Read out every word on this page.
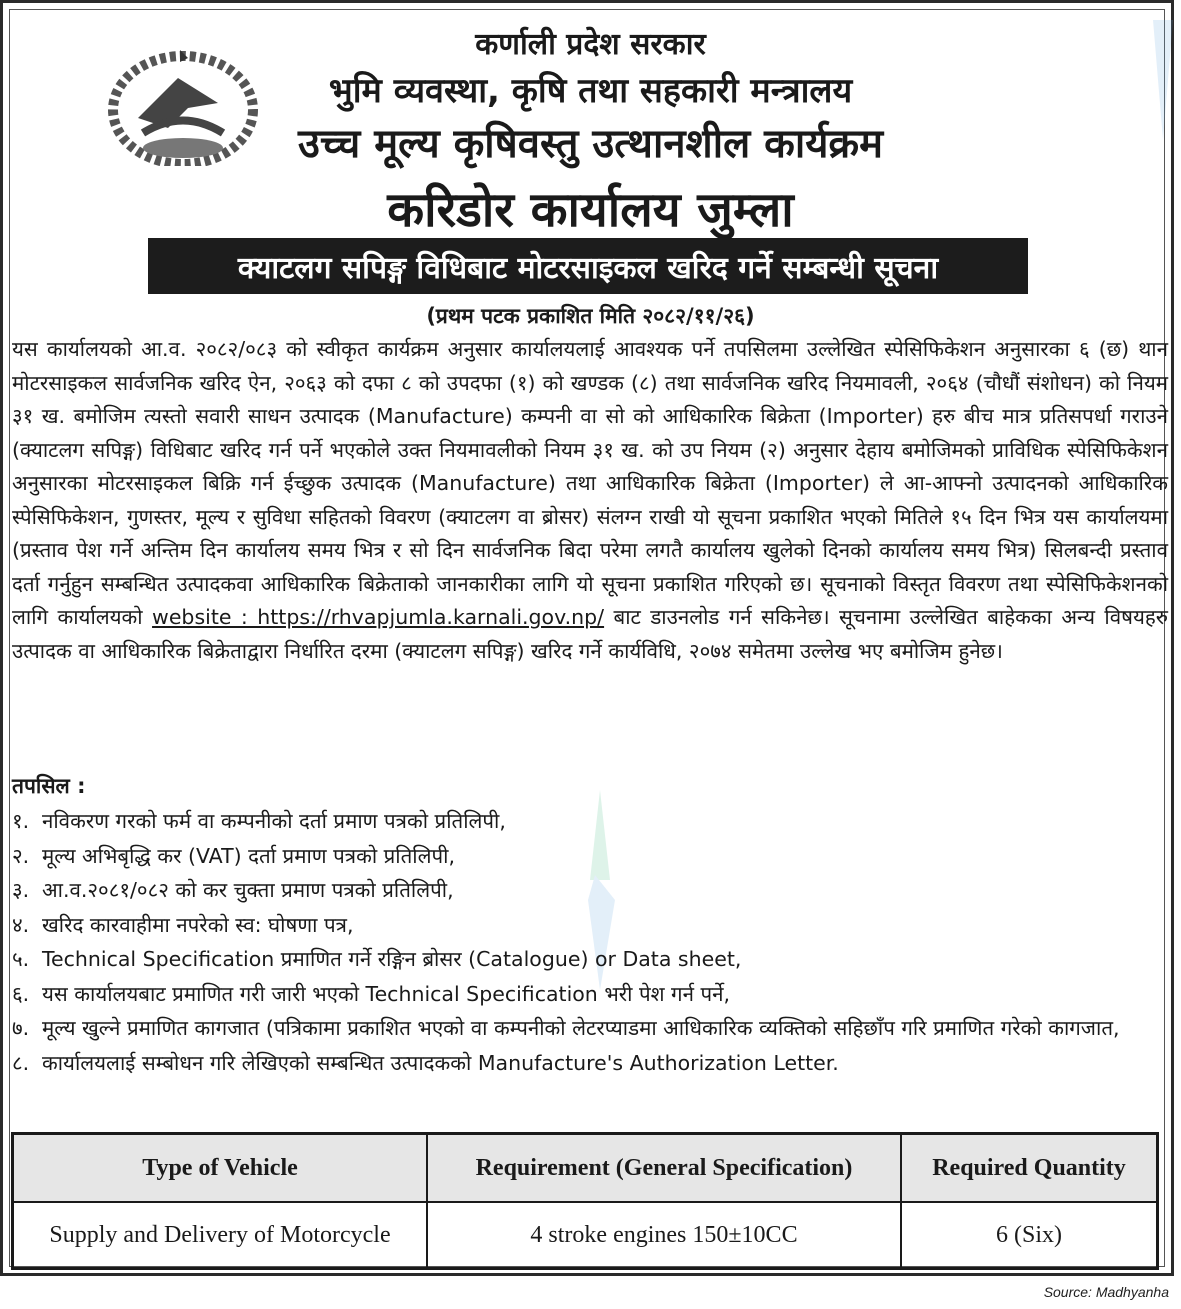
कर्णाली प्रदेश सरकार
भुमि व्यवस्था, कृषि तथा सहकारी मन्त्रालय
उच्च मूल्य कृषिवस्तु उत्थानशील कार्यक्रम
करिडोर कार्यालय जुम्ला
क्याटलग सपिङ्ग विधिबाट मोटरसाइकल खरिद गर्ने सम्बन्धी सूचना
(प्रथम पटक प्रकाशित मिति २०८२/११/२६)
यस कार्यालयको आ.व. २०८२/०८३ को स्वीकृत कार्यक्रम अनुसार कार्यालयलाई आवश्यक पर्ने तपसिलमा उल्लेखित स्पेसिफिकेशन अनुसारका ६ (छ) थान मोटरसाइकल सार्वजनिक खरिद ऐन, २०६३ को दफा ८ को उपदफा (१) को खण्डक (८) तथा सार्वजनिक खरिद नियमावली, २०६४ (चौधौं संशोधन) को नियम ३१ ख. बमोजिम त्यस्तो सवारी साधन उत्पादक (Manufacture) कम्पनी वा सो को आधिकारिक बिक्रेता (Importer) हरु बीच मात्र प्रतिसपर्धा गराउने (क्याटलग सपिङ्ग) विधिबाट खरिद गर्न पर्ने भएकोले उक्त नियमावलीको नियम ३१ ख. को उप नियम (२) अनुसार देहाय बमोजिमको प्राविधिक स्पेसिफिकेशन अनुसारका मोटरसाइकल बिक्रि गर्न ईच्छुक उत्पादक (Manufacture) तथा आधिकारिक बिक्रेता (Importer) ले आ-आफ्नो उत्पादनको आधिकारिक स्पेसिफिकेशन, गुणस्तर, मूल्य र सुविधा सहितको विवरण (क्याटलग वा ब्रोसर) संलग्न राखी यो सूचना प्रकाशित भएको मितिले १५ दिन भित्र यस कार्यालयमा (प्रस्ताव पेश गर्ने अन्तिम दिन कार्यालय समय भित्र र सो दिन सार्वजनिक बिदा परेमा लगतै कार्यालय खुलेको दिनको कार्यालय समय भित्र) सिलबन्दी प्रस्ताव दर्ता गर्नुहुन सम्बन्धित उत्पादकवा आधिकारिक बिक्रेताको जानकारीका लागि यो सूचना प्रकाशित गरिएको छ। सूचनाको विस्तृत विवरण तथा स्पेसिफिकेशनको लागि कार्यालयको website : https://rhvapjumla.karnali.gov.np/ बाट डाउनलोड गर्न सकिनेछ। सूचनामा उल्लेखित बाहेकका अन्य विषयहरु उत्पादक वा आधिकारिक बिक्रेताद्वारा निर्धारित दरमा (क्याटलग सपिङ्ग) खरिद गर्ने कार्यविधि, २०७४ समेतमा उल्लेख भए बमोजिम हुनेछ।
तपसिल :
१. नविकरण गरको फर्म वा कम्पनीको दर्ता प्रमाण पत्रको प्रतिलिपी,
२. मूल्य अभिबृद्धि कर (VAT) दर्ता प्रमाण पत्रको प्रतिलिपी,
३. आ.व.२०८१/०८२ को कर चुक्ता प्रमाण पत्रको प्रतिलिपी,
४. खरिद कारवाहीमा नपरेको स्व: घोषणा पत्र,
५. Technical Specification प्रमाणित गर्ने रङ्गिन ब्रोसर (Catalogue) or Data sheet,
६. यस कार्यालयबाट प्रमाणित गरी जारी भएको Technical Specification भरी पेश गर्न पर्ने,
७. मूल्य खुल्ने प्रमाणित कागजात (पत्रिकामा प्रकाशित भएको वा कम्पनीको लेटरप्याडमा आधिकारिक व्यक्तिको सहिछाँप गरि प्रमाणित गरेको कागजात,
८. कार्यालयलाई सम्बोधन गरि लेखिएको सम्बन्धित उत्पादकको Manufacture's Authorization Letter.
Type of Vehicle	Requirement (General Specification)	Required Quantity
Supply and Delivery of Motorcycle	4 stroke engines 150±10CC	6 (Six)
Source: Madhyanha
